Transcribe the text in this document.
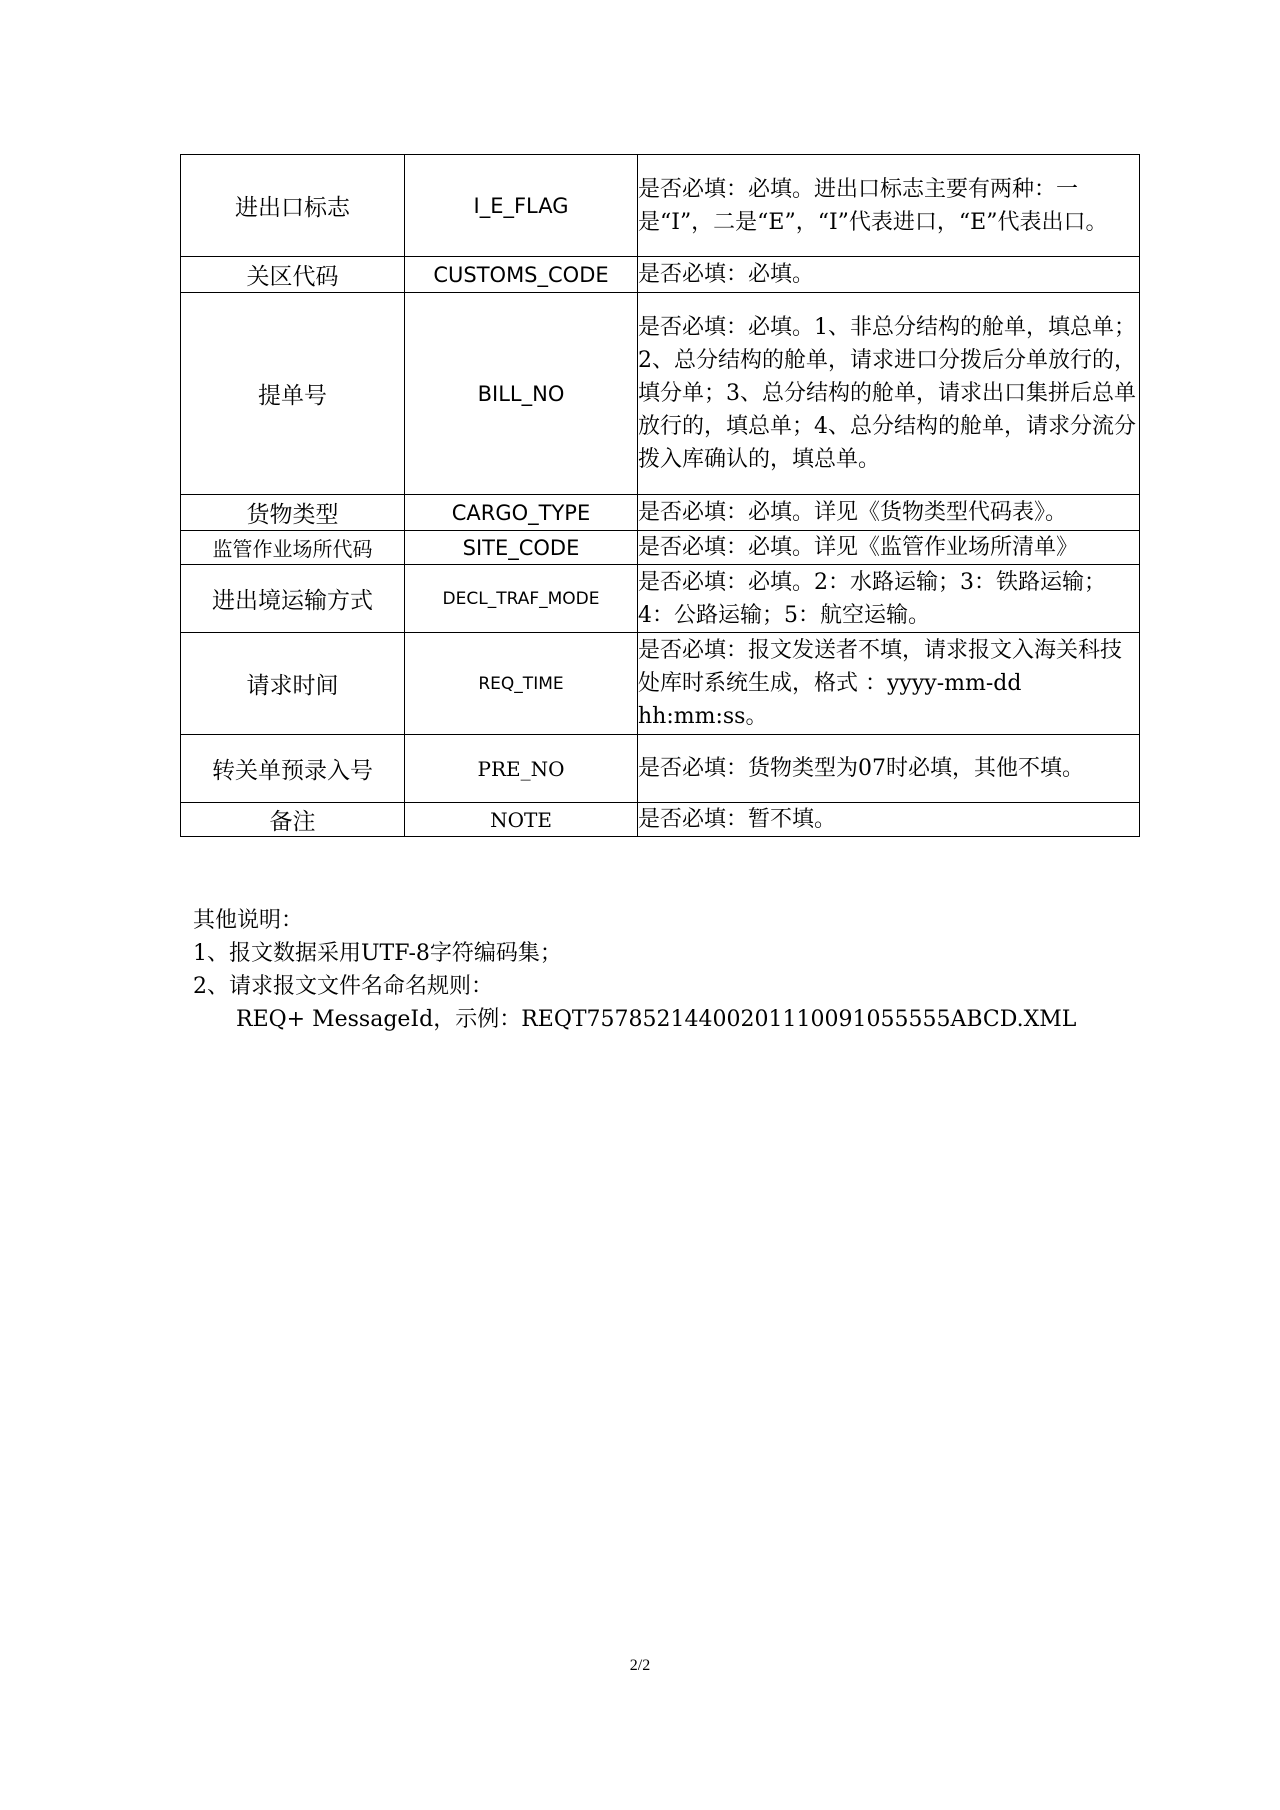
进出口标志	I_E_FLAG	是否必填：必填。进出口标志主要有两种：一是“I”，二是“E”，“I”代表进口，“E”代表出口。
关区代码	CUSTOMS_CODE	是否必填：必填。
提单号	BILL_NO	是否必填：必填。1、非总分结构的舱单，填总单；2、总分结构的舱单，请求进口分拨后分单放行的，填分单；3、总分结构的舱单，请求出口集拼后总单放行的，填总单；4、总分结构的舱单，请求分流分拨入库确认的，填总单。
货物类型	CARGO_TYPE	是否必填：必填。详见《货物类型代码表》。
监管作业场所代码	SITE_CODE	是否必填：必填。详见《监管作业场所清单》
进出境运输方式	DECL_TRAF_MODE	是否必填：必填。2：水路运输；3：铁路运输；4：公路运输；5：航空运输。
请求时间	REQ_TIME	是否必填：报文发送者不填，请求报文入海关科技处库时系统生成，格式 ：yyyy-mm-dd hh:mm:ss。
转关单预录入号	PRE_NO	是否必填：货物类型为07时必填，其他不填。
备注	NOTE	是否必填：暂不填。
其他说明：
1、报文数据采用UTF-8字符编码集；
2、请求报文文件名命名规则：
REQ+ MessageId，示例：REQT75785214400201110091055555ABCD.XML
2/2
